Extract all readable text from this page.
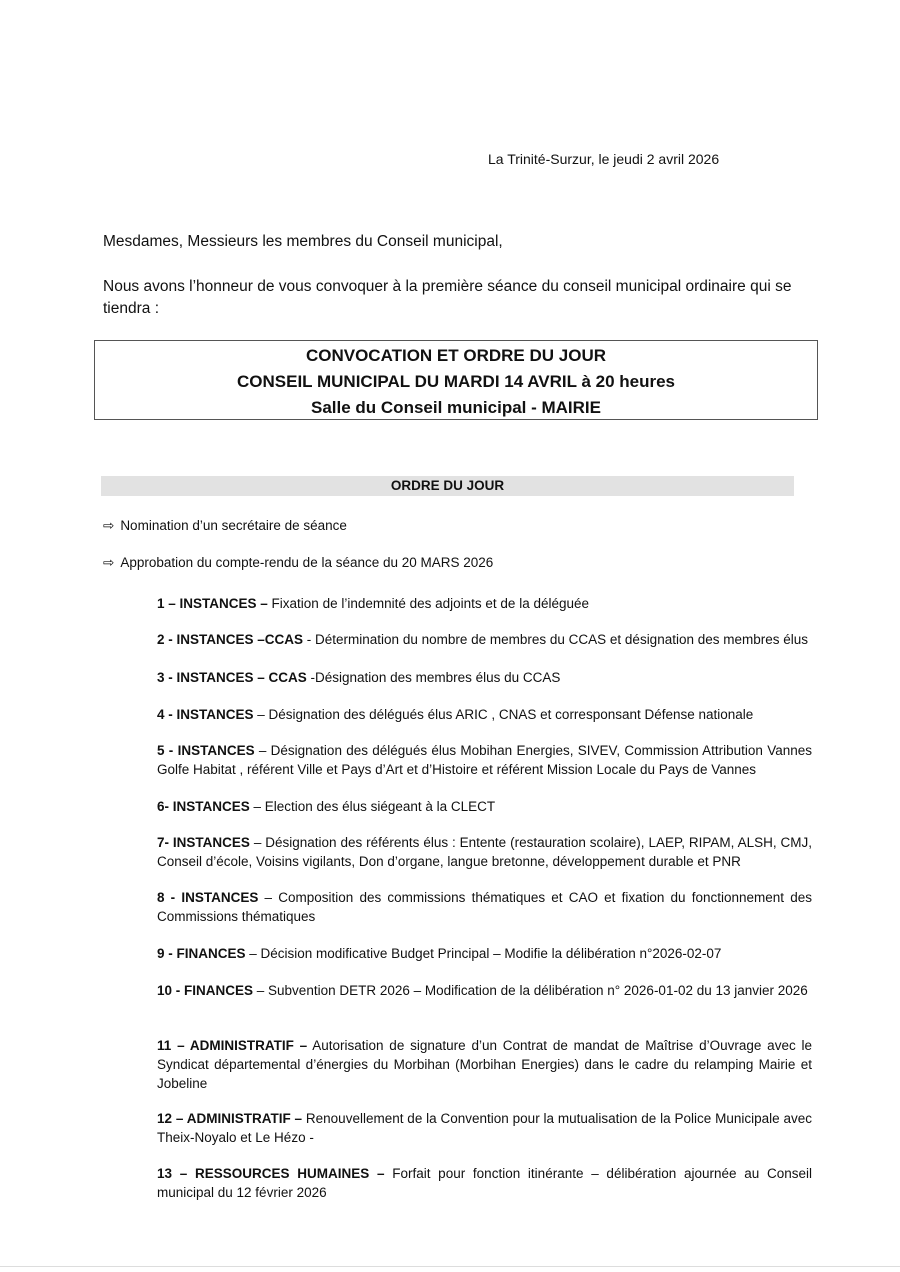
La Trinité-Surzur, le jeudi 2 avril 2026
Mesdames, Messieurs les membres du Conseil municipal,
Nous avons l’honneur de vous convoquer à la première séance du conseil municipal ordinaire qui se tiendra :
CONVOCATION ET ORDRE DU JOUR
CONSEIL MUNICIPAL DU MARDI 14 AVRIL à 20 heures
Salle du Conseil municipal - MAIRIE
ORDRE DU JOUR
⇨ Nomination d’un secrétaire de séance
⇨ Approbation du compte-rendu de la séance du 20 MARS 2026
1 – INSTANCES – Fixation de l’indemnité des adjoints et de la déléguée
2 - INSTANCES –CCAS - Détermination du nombre de membres du CCAS et désignation des membres élus
3 - INSTANCES – CCAS -Désignation des membres élus du CCAS
4 - INSTANCES – Désignation des délégués élus ARIC , CNAS et corresponsant Défense nationale
5 - INSTANCES – Désignation des délégués élus Mobihan Energies, SIVEV, Commission Attribution Vannes Golfe Habitat , référent Ville et Pays d’Art et d’Histoire et référent Mission Locale du Pays de Vannes
6- INSTANCES – Election des élus siégeant à la CLECT
7- INSTANCES – Désignation des référents élus : Entente (restauration scolaire), LAEP, RIPAM, ALSH, CMJ, Conseil d’école, Voisins vigilants, Don d’organe, langue bretonne, développement durable et PNR
8 - INSTANCES – Composition des commissions thématiques et CAO et fixation du fonctionnement des Commissions thématiques
9 - FINANCES – Décision modificative Budget Principal – Modifie la délibération n°2026-02-07
10 - FINANCES – Subvention DETR 2026 – Modification de la délibération n° 2026-01-02 du 13 janvier 2026
11 – ADMINISTRATIF – Autorisation de signature d’un Contrat de mandat de Maîtrise d’Ouvrage avec le Syndicat départemental d’énergies du Morbihan (Morbihan Energies) dans le cadre du relamping Mairie et Jobeline
12 – ADMINISTRATIF – Renouvellement de la Convention pour la mutualisation de la Police Municipale avec Theix-Noyalo et Le Hézo -
13 – RESSOURCES HUMAINES – Forfait pour fonction itinérante – délibération ajournée au Conseil municipal du 12 février 2026
